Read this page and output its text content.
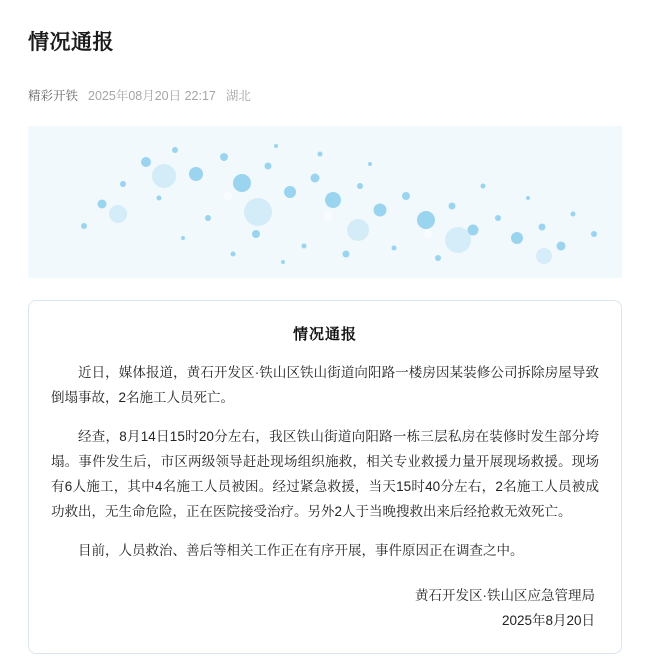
情况通报
精彩开铁 2025年08月20日 22:17 湖北
情况通报

近日，媒体报道，黄石开发区·铁山区铁山街道向阳路一楼房因某装修公司拆除房屋导致倒塌事故，2名施工人员死亡。

经查，8月14日15时20分左右，我区铁山街道向阳路一栋三层私房在装修时发生部分垮塌。事件发生后，市区两级领导赶赴现场组织施救，相关专业救援力量开展现场救援。现场有6人施工，其中4名施工人员被困。经过紧急救援，当天15时40分左右，2名施工人员被成功救出，无生命危险，正在医院接受治疗。另外2人于当晚搜救出来后经抢救无效死亡。

目前，人员救治、善后等相关工作正在有序开展，事件原因正在调查之中。

黄石开发区·铁山区应急管理局
2025年8月20日
